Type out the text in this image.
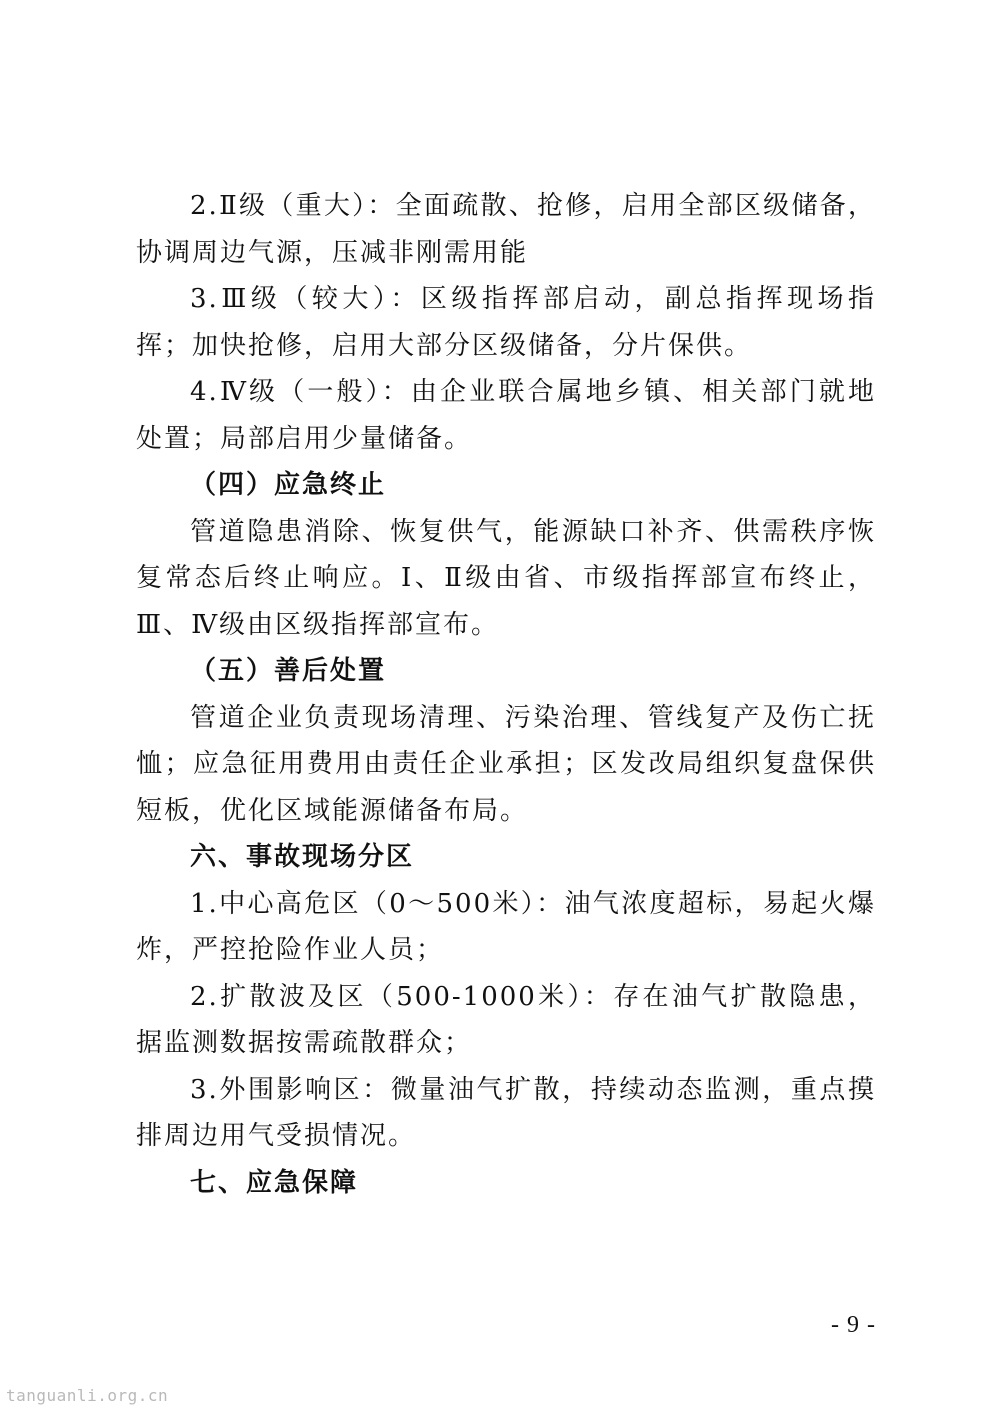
2.Ⅱ级（重大）：全面疏散、抢修，启用全部区级储备，协调周边气源，压减非刚需用能

3.Ⅲ级（较大）：区级指挥部启动，副总指挥现场指挥；加快抢修，启用大部分区级储备，分片保供。

4.Ⅳ级（一般）：由企业联合属地乡镇、相关部门就地处置；局部启用少量储备。

（四）应急终止

管道隐患消除、恢复供气，能源缺口补齐、供需秩序恢复常态后终止响应。Ⅰ、Ⅱ级由省、市级指挥部宣布终止，Ⅲ、Ⅳ级由区级指挥部宣布。

（五）善后处置

管道企业负责现场清理、污染治理、管线复产及伤亡抚恤；应急征用费用由责任企业承担；区发改局组织复盘保供短板，优化区域能源储备布局。

六、事故现场分区

1.中心高危区（0～500米）：油气浓度超标，易起火爆炸，严控抢险作业人员；

2.扩散波及区（500-1000米）：存在油气扩散隐患，据监测数据按需疏散群众；

3.外围影响区：微量油气扩散，持续动态监测，重点摸排周边用气受损情况。

七、应急保障

- 9 -
tanguanli.org.cn
